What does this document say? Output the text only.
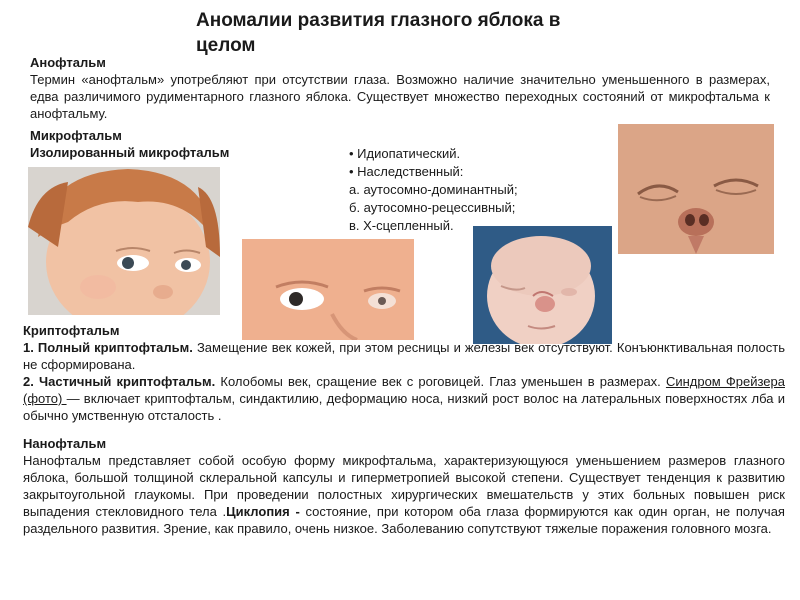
Аномалии развития глазного яблока в целом
Анофтальм
Термин «анофтальм» употребляют при отсутствии глаза. Возможно наличие значительно уменьшенного в размерах, едва различимого рудиментарного глазного яблока. Существует множество переходных состояний от микрофтальма к анофтальму.
Микрофтальм
Изолированный микрофтальм	• Идиопатический.
• Наследственный:
а. аутосомно-доминантный;
б. аутосомно-рецессивный;
в. Х-сцепленный.
Криптофтальм
1. Полный криптофтальм. Замещение век кожей, при этом ресницы и железы век отсутствуют. Конъюнктивальная полость не сформирована.
2. Частичный криптофтальм. Колобомы век, сращение век с роговицей. Глаз уменьшен в размерах. Синдром Фрейзера (фото) — включает криптофтальм, синдактилию, деформацию носа, низкий рост волос на латеральных поверхностях лба и обычно умственную отсталость .
Нанофтальм
Нанофтальм представляет собой особую форму микрофтальма, характеризующуюся уменьшением размеров глазного яблока, большой толщиной склеральной капсулы и гиперметропией высокой степени. Существует тенденция к развитию закрытоугольной глаукомы. При проведении полостных хирургических вмешательств у этих больных повышен риск выпадения стекловидного тела .Циклопия - состояние, при котором оба глаза формируются как один орган, не получая раздельного развития. Зрение, как правило, очень низкое. Заболеванию сопутствуют тяжелые поражения головного мозга.
